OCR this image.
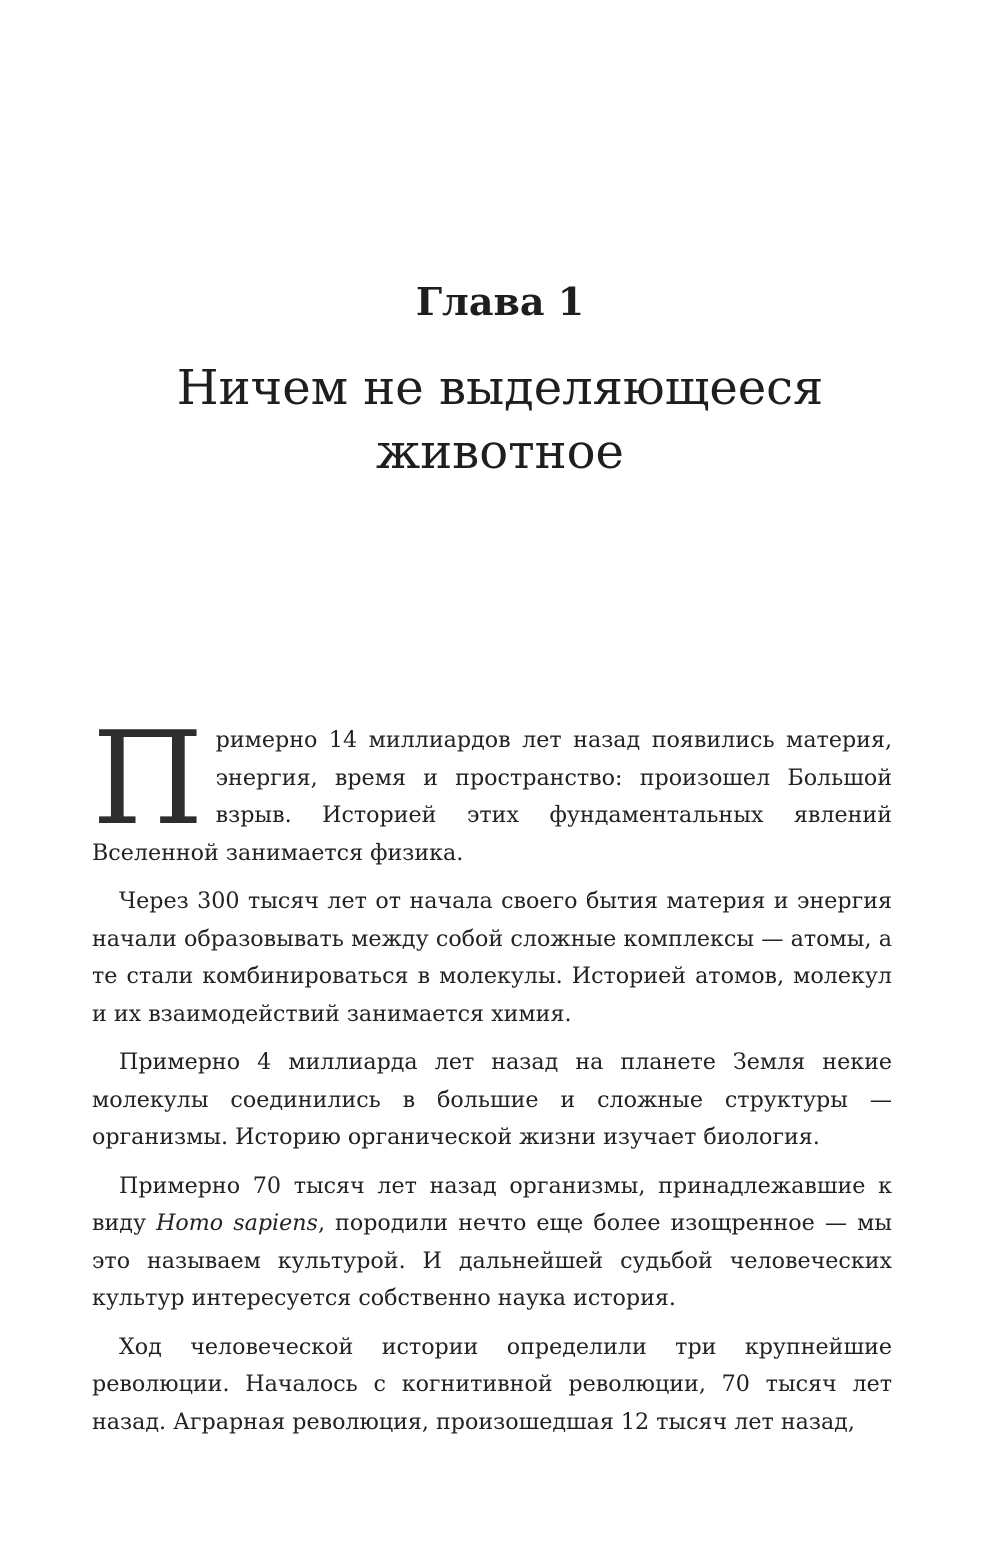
Глава 1
Ничем не выделяющееся
животное

Примерно 14 миллиардов лет назад появились материя, энергия, время и пространство: произошел Большой взрыв. Историей этих фундаментальных явлений Вселенной занимается физика.

Через 300 тысяч лет от начала своего бытия материя и энергия начали образовывать между собой сложные комплексы — атомы, а те стали комбинироваться в молекулы. Историей атомов, молекул и их взаимодействий занимается химия.

Примерно 4 миллиарда лет назад на планете Земля некие молекулы соединились в большие и сложные структуры — организмы. Историю органической жизни изучает биология.

Примерно 70 тысяч лет назад организмы, принадлежавшие к виду Homo sapiens, породили нечто еще более изощренное — мы это называем культурой. И дальнейшей судьбой человеческих культур интересуется собственно наука история.

Ход человеческой истории определили три крупнейшие революции. Началось с когнитивной революции, 70 тысяч лет назад. Аграрная революция, произошедшая 12 тысяч лет назад,
